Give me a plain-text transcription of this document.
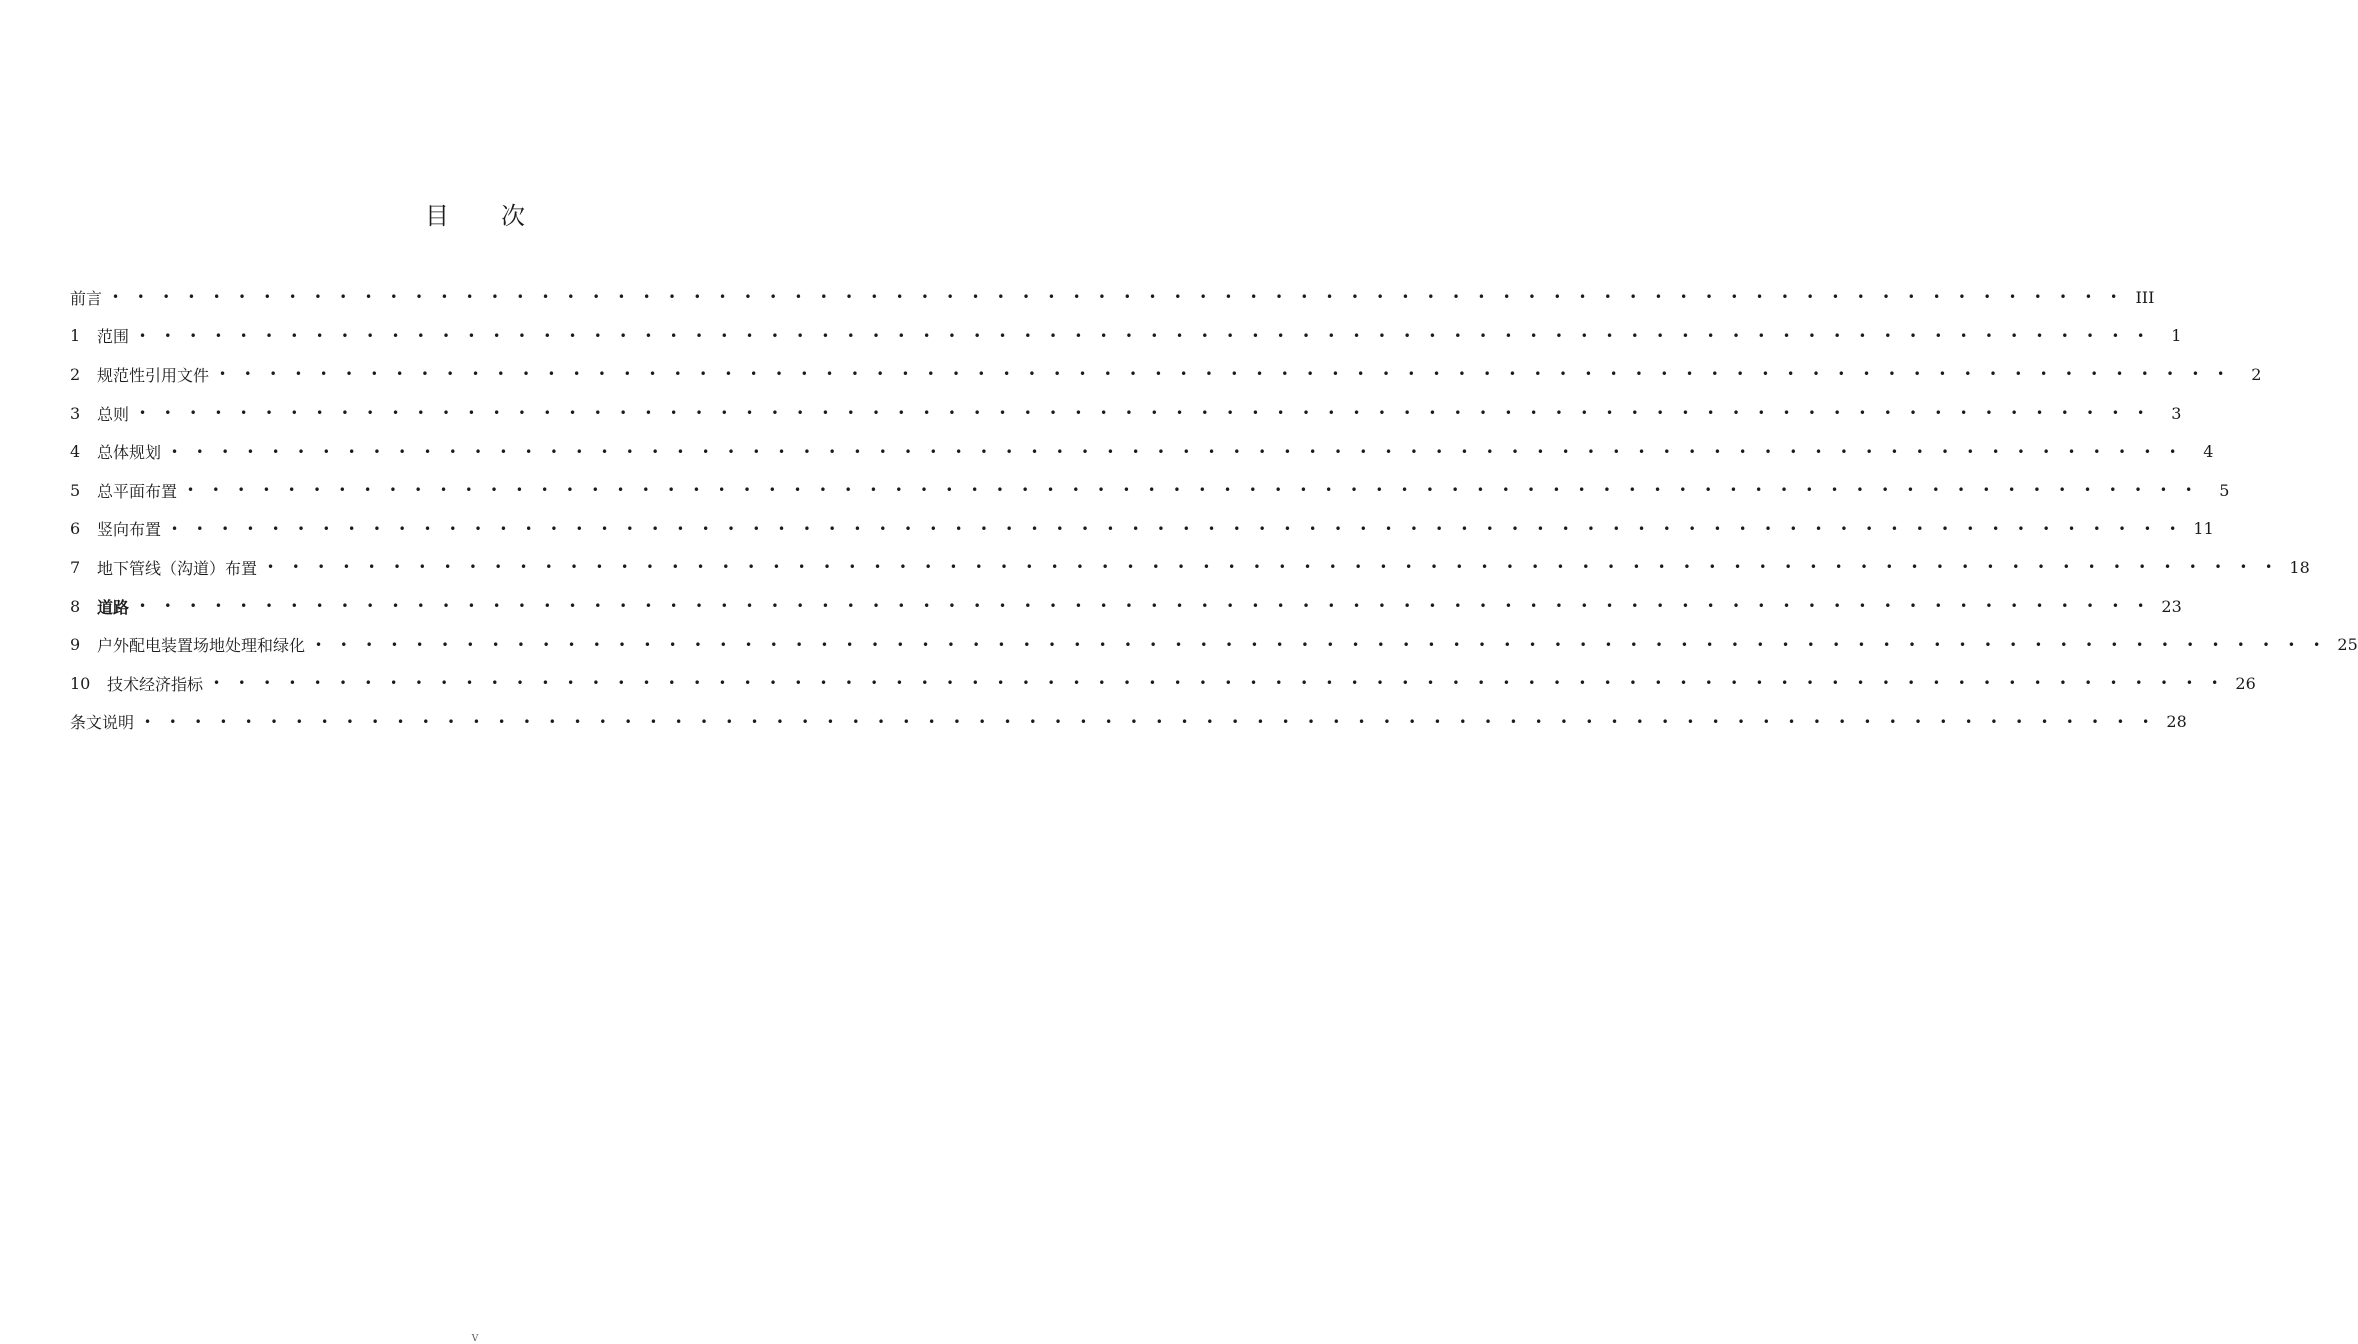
目 次
前言 • • • • • • • • • • • • • • • • • • • • • • • • • • • • • • • • • • • • • • • • • • • • • • • • • • • • • • • • • • • • • • • • • • • • • • • • • • • • • • • • III
1	范围 • • • • • • • • • • • • • • • • • • • • • • • • • • • • • • • • • • • • • • • • • • • • • • • • • • • • • • • • • • • • • • • • • • • • • • • • • • • • • • • •	1
2	规范性引用文件 • • • • • • • • • • • • • • • • • • • • • • • • • • • • • • • • • • • • • • • • • • • • • • • • • • • • • • • • • • • • • • • • • • • • • • • • • • • • • • • •	2
3	总则 • • • • • • • • • • • • • • • • • • • • • • • • • • • • • • • • • • • • • • • • • • • • • • • • • • • • • • • • • • • • • • • • • • • • • • • • • • • • • • • •	3
4	总体规划 • • • • • • • • • • • • • • • • • • • • • • • • • • • • • • • • • • • • • • • • • • • • • • • • • • • • • • • • • • • • • • • • • • • • • • • • • • • • • • • •	4
5	总平面布置 • • • • • • • • • • • • • • • • • • • • • • • • • • • • • • • • • • • • • • • • • • • • • • • • • • • • • • • • • • • • • • • • • • • • • • • • • • • • • • • •	5
6	竖向布置 • • • • • • • • • • • • • • • • • • • • • • • • • • • • • • • • • • • • • • • • • • • • • • • • • • • • • • • • • • • • • • • • • • • • • • • • • • • • • • • • 11
7	地下管线（沟道）布置 • • • • • • • • • • • • • • • • • • • • • • • • • • • • • • • • • • • • • • • • • • • • • • • • • • • • • • • • • • • • • • • • • • • • • • • • • • • • • • • • 18
8	道路 • • • • • • • • • • • • • • • • • • • • • • • • • • • • • • • • • • • • • • • • • • • • • • • • • • • • • • • • • • • • • • • • • • • • • • • • • • • • • • • • 23
9	户外配电装置场地处理和绿化 • • • • • • • • • • • • • • • • • • • • • • • • • • • • • • • • • • • • • • • • • • • • • • • • • • • • • • • • • • • • • • • • • • • • • • • • • • • • • • • • 25
10	技术经济指标 • • • • • • • • • • • • • • • • • • • • • • • • • • • • • • • • • • • • • • • • • • • • • • • • • • • • • • • • • • • • • • • • • • • • • • • • • • • • • • • • 26
条文说明 • • • • • • • • • • • • • • • • • • • • • • • • • • • • • • • • • • • • • • • • • • • • • • • • • • • • • • • • • • • • • • • • • • • • • • • • • • • • • • • • 28
V
